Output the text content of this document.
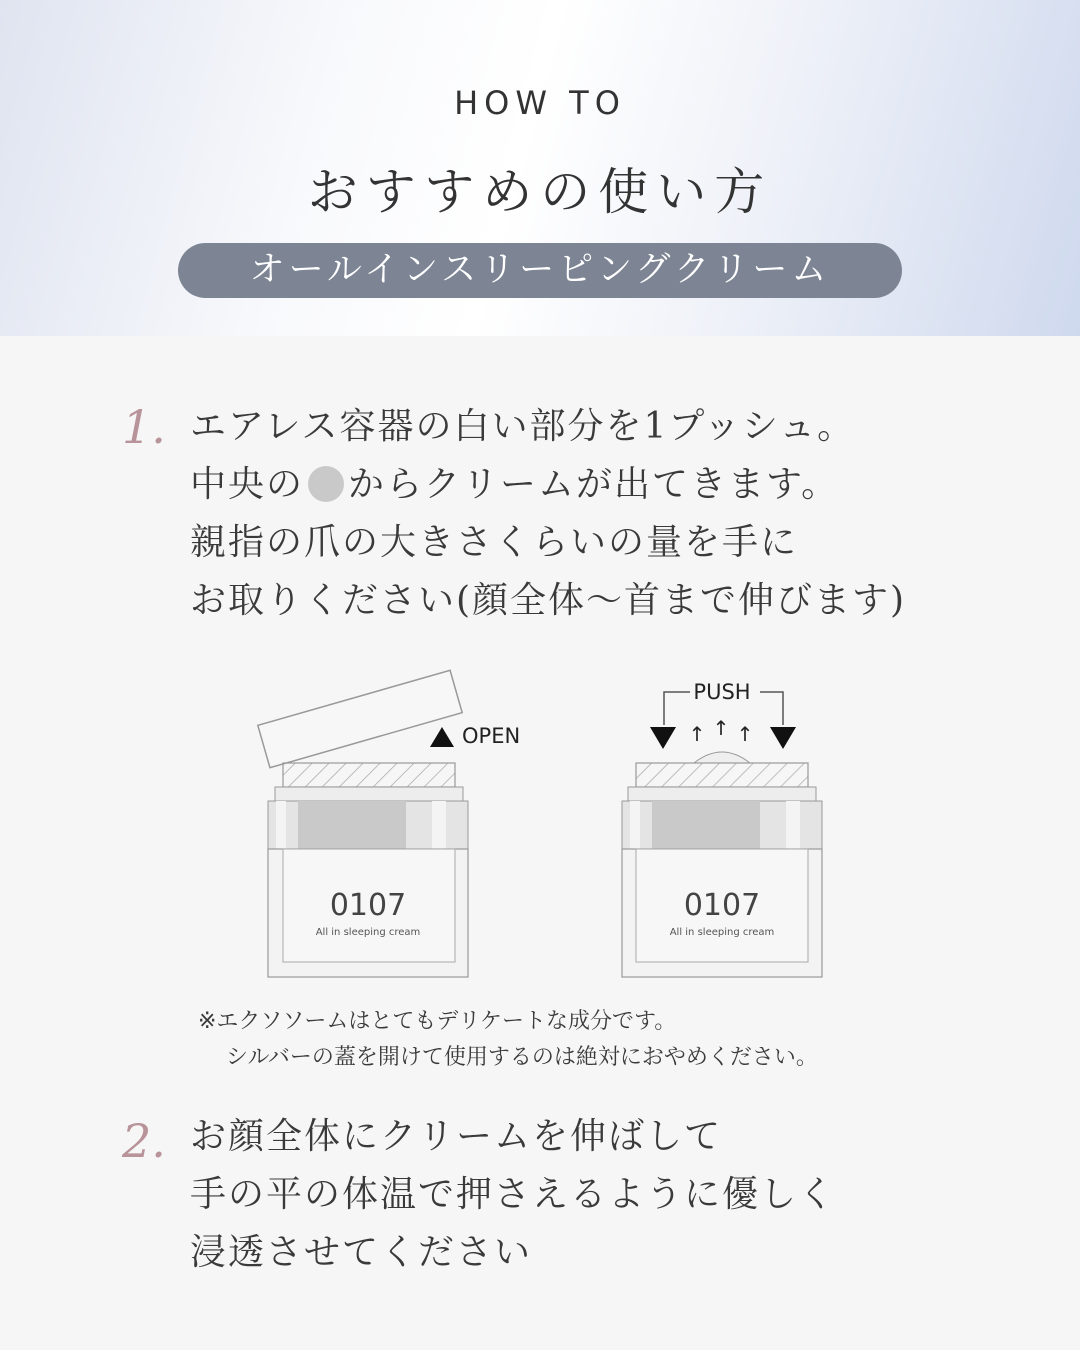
HOW TO
おすすめの使い方
オールインスリーピングクリーム
1. エアレス容器の白い部分を1プッシュ。
中央の からクリームが出てきます。
親指の爪の大きさくらいの量を手に
お取りください(顔全体〜首まで伸びます)
OPEN
0107
All in sleeping cream
PUSH
↑ ↑ ↑
0107
All in sleeping cream
※エクソソームはとてもデリケートな成分です。
シルバーの蓋を開けて使用するのは絶対におやめください。
2. お顔全体にクリームを伸ばして
手の平の体温で押さえるように優しく
浸透させてください
